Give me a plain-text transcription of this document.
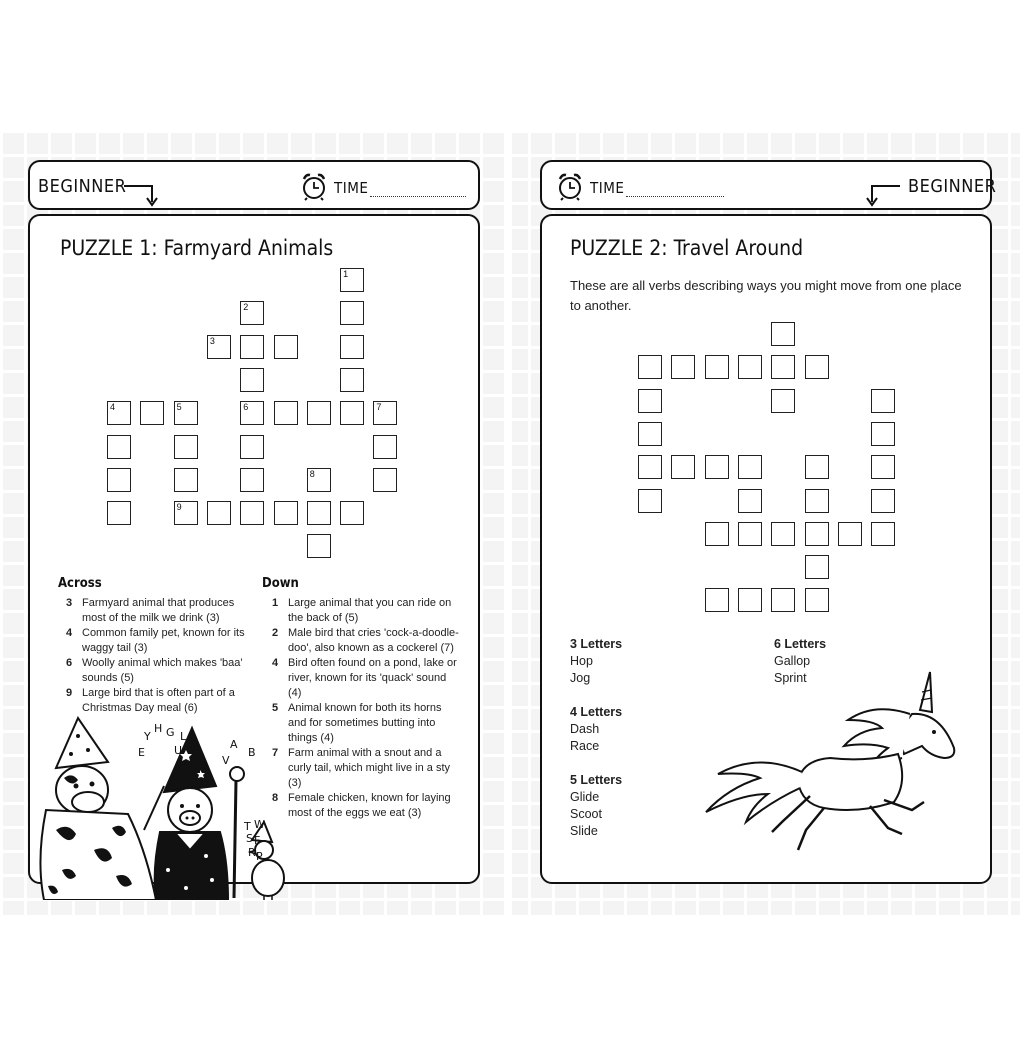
BEGINNER	TIME
PUZZLE 1: Farmyard Animals
1
2
6
3
4	5	7
8
9
Across
3 Farmyard animal that produces most of the milk we drink (3)
4 Common family pet, known for its waggy tail (3)
6 Woolly animal which makes 'baa' sounds (5)
9 Large bird that is often part of a Christmas Day meal (6)
Down
1 Large animal that you can ride on the back of (5)
2 Male bird that cries 'cock-a-doodle-doo', also known as a cockerel (7)
4 Bird often found on a pond, lake or river, known for its 'quack' sound (4)
5 Animal known for both its horns and for sometimes butting into things (4)
7 Farm animal with a snout and a curly tail, which might live in a sty (3)
8 Female chicken, known for laying most of the eggs we eat (3)
Y
H G L
E	U	A
V
B
T W
S F
R P
TIME	BEGINNER
PUZZLE 2: Travel Around
These are all verbs describing ways you might move from one place to another.
3 Letters
Hop
Jog
4 Letters
Dash
Race
5 Letters
Glide
Scoot
Slide
6 Letters
Gallop
Sprint
